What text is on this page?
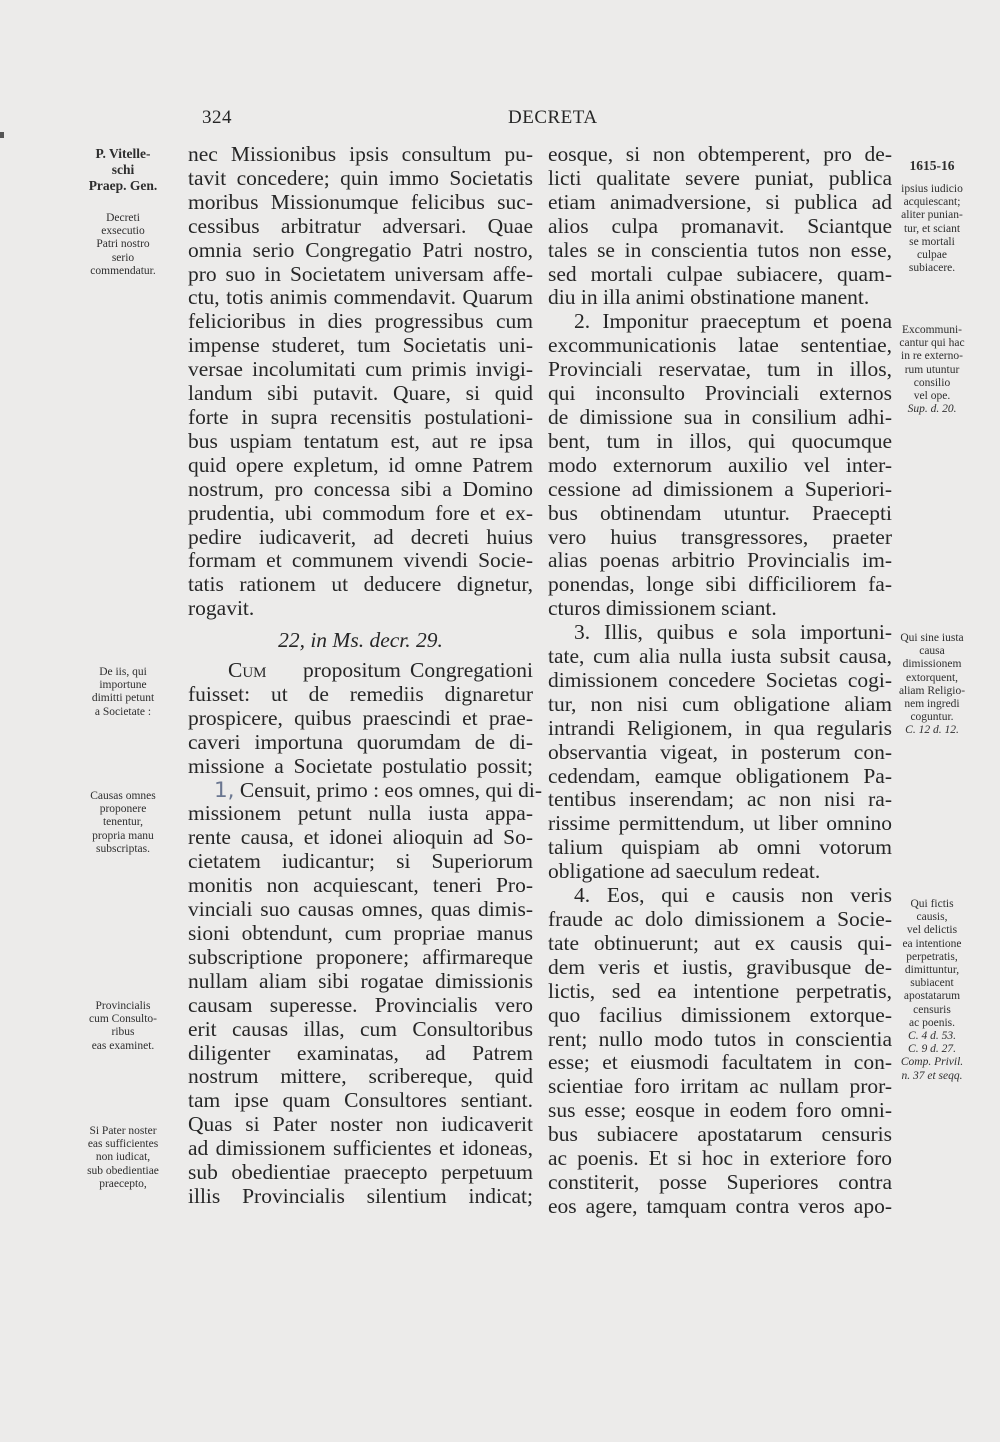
324	DECRETA
P. Vitelle-
schi
Praep. Gen.
Decreti
exsecutio
Patri nostro
serio
commendatur.
De iis, qui
importune
dimitti petunt
a Societate :
Causas omnes
proponere
tenentur,
propria manu
subscriptas.
Provincialis
cum Consulto-
ribus
eas examinet.
Si Pater noster
eas sufficientes
non iudicat,
sub obedientiae
praecepto,
1615-16
ipsius iudicio
acquiescant;
aliter punian-
tur, et sciant
se mortali
culpae
subiacere.
Excommuni-
cantur qui hac
in re externo-
rum utuntur
consilio
vel ope.
Sup. d. 20.
Qui sine iusta
causa
dimissionem
extorquent,
aliam Religio-
nem ingredi
coguntur.
C. 12 d. 12.
Qui fictis
causis,
vel delictis
ea intentione
perpetratis,
dimittuntur,
subiacent
apostatarum
censuris
ac poenis.
C. 4 d. 53.
C. 9 d. 27.
Comp. Privil.
n. 37 et seqq.
nec Missionibus ipsis consultum pu-
tavit concedere; quin immo Societatis
moribus Missionumque felicibus suc-
cessibus arbitratur adversari. Quae
omnia serio Congregatio Patri nostro,
pro suo in Societatem universam affe-
ctu, totis animis commendavit. Quarum
felicioribus in dies progressibus cum
impense studeret, tum Societatis uni-
versae incolumitati cum primis invigi-
landum sibi putavit. Quare, si quid
forte in supra recensitis postulationi-
bus uspiam tentatum est, aut re ipsa
quid opere expletum, id omne Patrem
nostrum, pro concessa sibi a Domino
prudentia, ubi commodum fore et ex-
pedire iudicaverit, ad decreti huius
formam et communem vivendi Socie-
tatis rationem ut deducere dignetur,
rogavit.
22, in Ms. decr. 29.
Cum propositum Congregationi
fuisset: ut de remediis dignaretur
prospicere, quibus praescindi et prae-
caveri importuna quorumdam de di-
missione a Societate postulatio possit;
1, Censuit, primo : eos omnes, qui di-
missionem petunt nulla iusta appa-
rente causa, et idonei alioquin ad So-
cietatem iudicantur; si Superiorum
monitis non acquiescant, teneri Pro-
vinciali suo causas omnes, quas dimis-
sioni obtendunt, cum propriae manus
subscriptione proponere; affirmareque
nullam aliam sibi rogatae dimissionis
causam superesse. Provincialis vero
erit causas illas, cum Consultoribus
diligenter examinatas, ad Patrem
nostrum mittere, scribereque, quid
tam ipse quam Consultores sentiant.
Quas si Pater noster non iudicaverit
ad dimissionem sufficientes et idoneas,
sub obedientiae praecepto perpetuum
illis Provincialis silentium indicat;
eosque, si non obtemperent, pro de-
licti qualitate severe puniat, publica
etiam animadversione, si publica ad
alios culpa promanavit. Sciantque
tales se in conscientia tutos non esse,
sed mortali culpae subiacere, quam-
diu in illa animi obstinatione manent.
2. Imponitur praeceptum et poena
excommunicationis latae sententiae,
Provinciali reservatae, tum in illos,
qui inconsulto Provinciali externos
de dimissione sua in consilium adhi-
bent, tum in illos, qui quocumque
modo externorum auxilio vel inter-
cessione ad dimissionem a Superiori-
bus obtinendam utuntur. Praecepti
vero huius transgressores, praeter
alias poenas arbitrio Provincialis im-
ponendas, longe sibi difficiliorem fa-
cturos dimissionem sciant.
3. Illis, quibus e sola importuni-
tate, cum alia nulla iusta subsit causa,
dimissionem concedere Societas cogi-
tur, non nisi cum obligatione aliam
intrandi Religionem, in qua regularis
observantia vigeat, in posterum con-
cedendam, eamque obligationem Pa-
tentibus inserendam; ac non nisi ra-
rissime permittendum, ut liber omnino
talium quispiam ab omni votorum
obligatione ad saeculum redeat.
4. Eos, qui e causis non veris
fraude ac dolo dimissionem a Socie-
tate obtinuerunt; aut ex causis qui-
dem veris et iustis, gravibusque de-
lictis, sed ea intentione perpetratis,
quo facilius dimissionem extorque-
rent; nullo modo tutos in conscientia
esse; et eiusmodi facultatem in con-
scientiae foro irritam ac nullam pror-
sus esse; eosque in eodem foro omni-
bus subiacere apostatarum censuris
ac poenis. Et si hoc in exteriore foro
constiterit, posse Superiores contra
eos agere, tamquam contra veros apo-
